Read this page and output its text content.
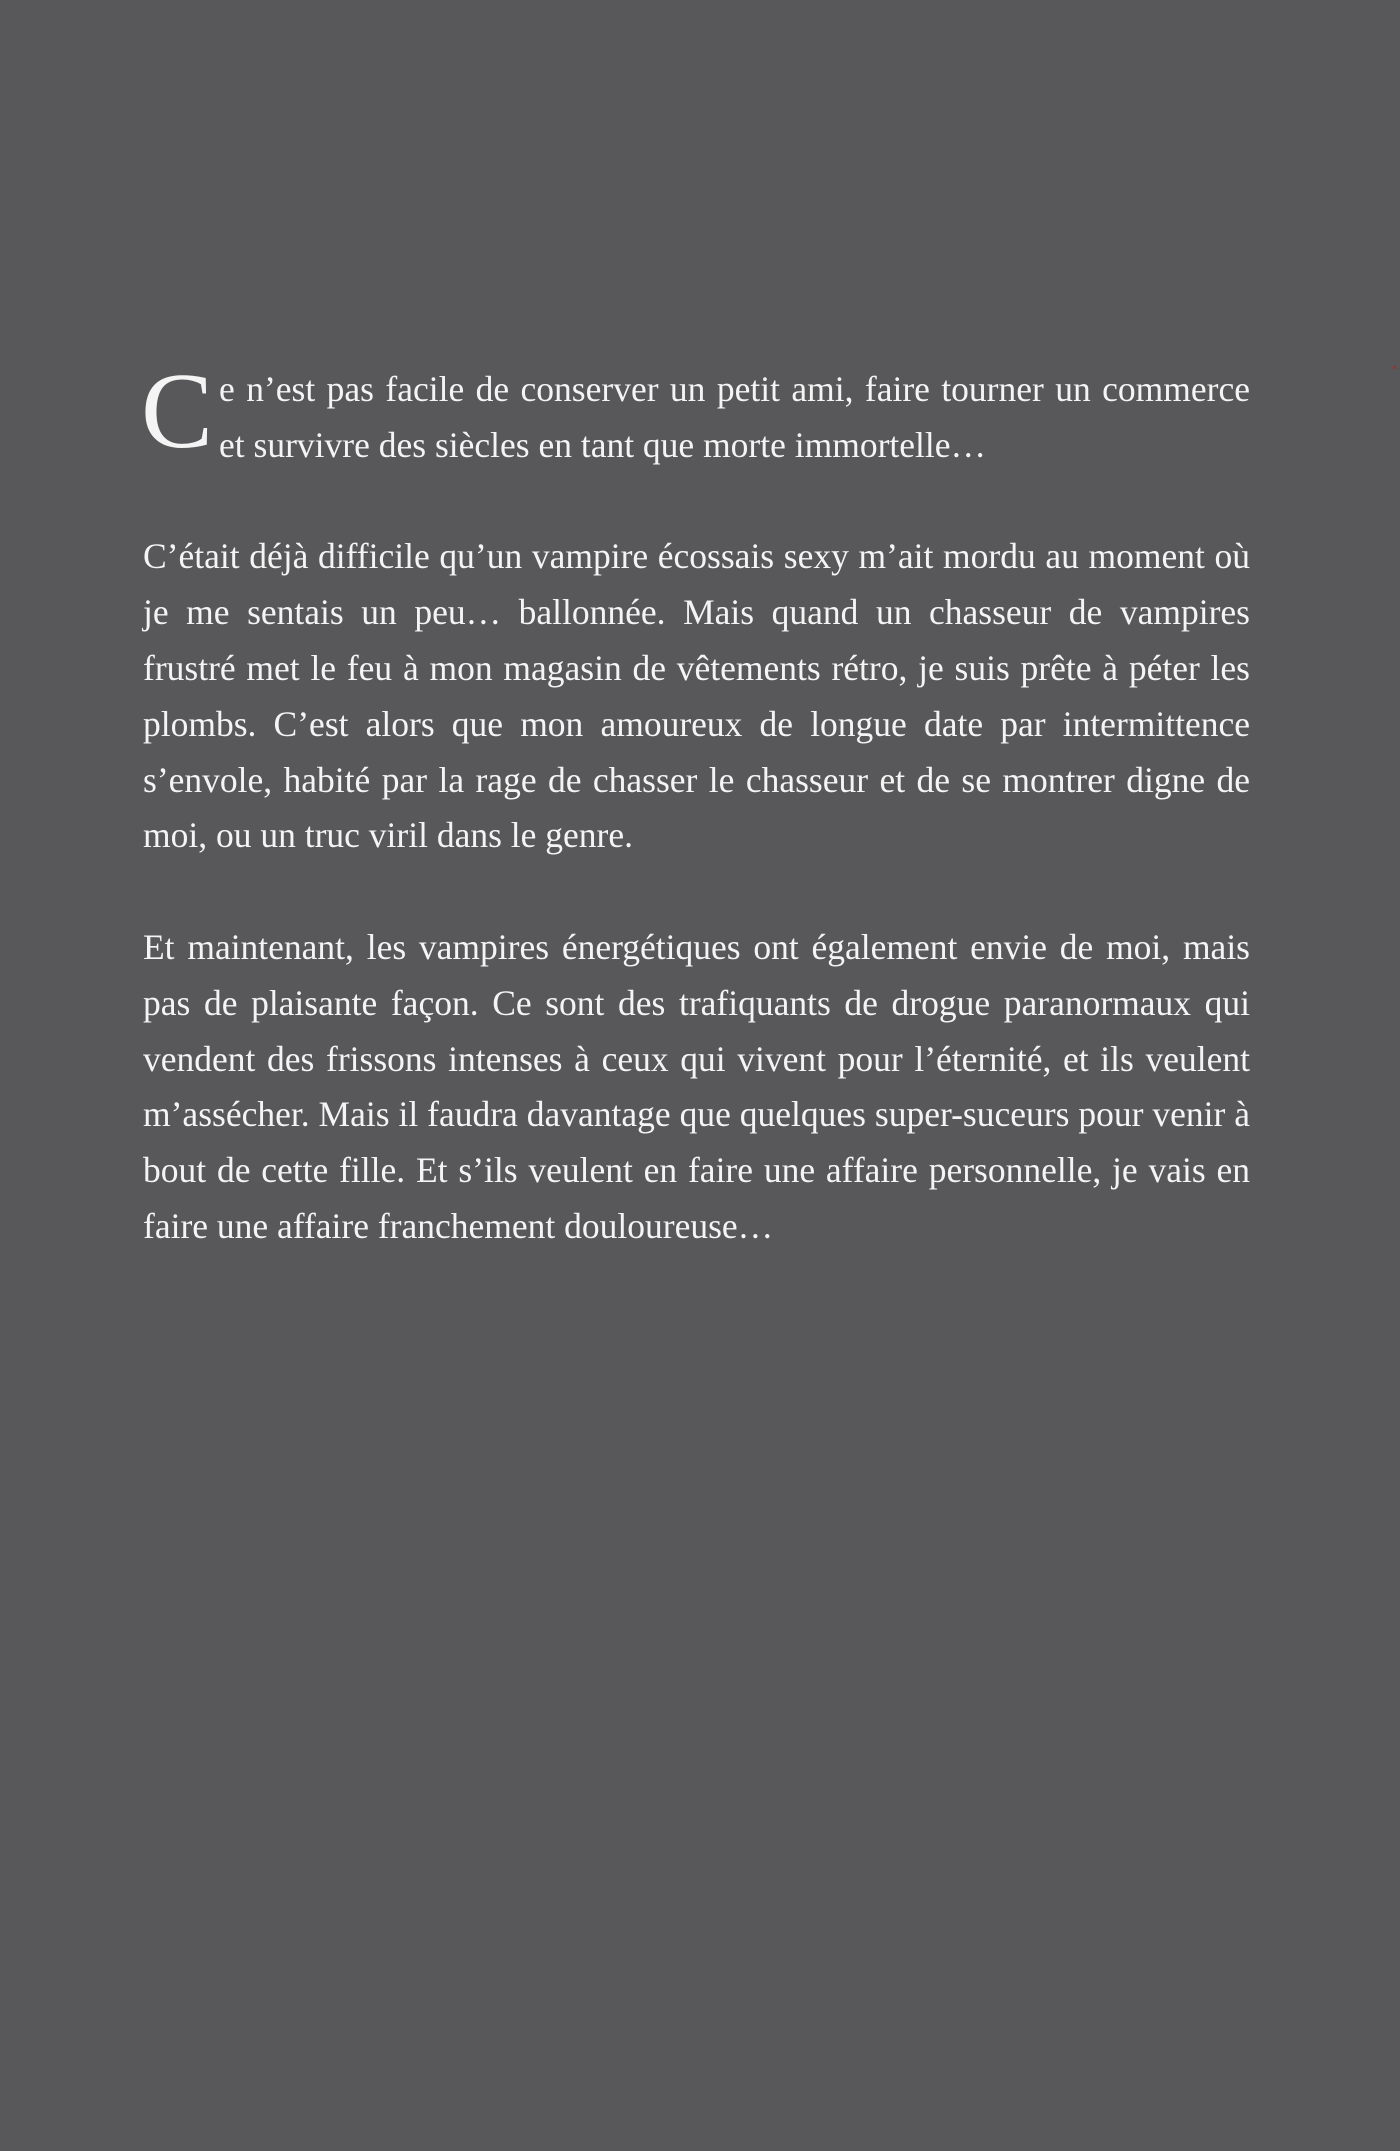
Ce n’est pas facile de conserver un petit ami, faire tourner un commerce et survivre des siècles en tant que morte immortelle…

C’était déjà difficile qu’un vampire écossais sexy m’ait mordu au moment où je me sentais un peu… ballonnée. Mais quand un chasseur de vampires frustré met le feu à mon magasin de vêtements rétro, je suis prête à péter les plombs. C’est alors que mon amoureux de longue date par intermittence s’envole, habité par la rage de chasser le chasseur et de se montrer digne de moi, ou un truc viril dans le genre.

Et maintenant, les vampires énergétiques ont également envie de moi, mais pas de plaisante façon. Ce sont des trafiquants de drogue paranormaux qui vendent des frissons intenses à ceux qui vivent pour l’éternité, et ils veulent m’assécher. Mais il faudra davantage que quelques super-suceurs pour venir à bout de cette fille. Et s’ils veulent en faire une affaire personnelle, je vais en faire une affaire franchement douloureuse…
